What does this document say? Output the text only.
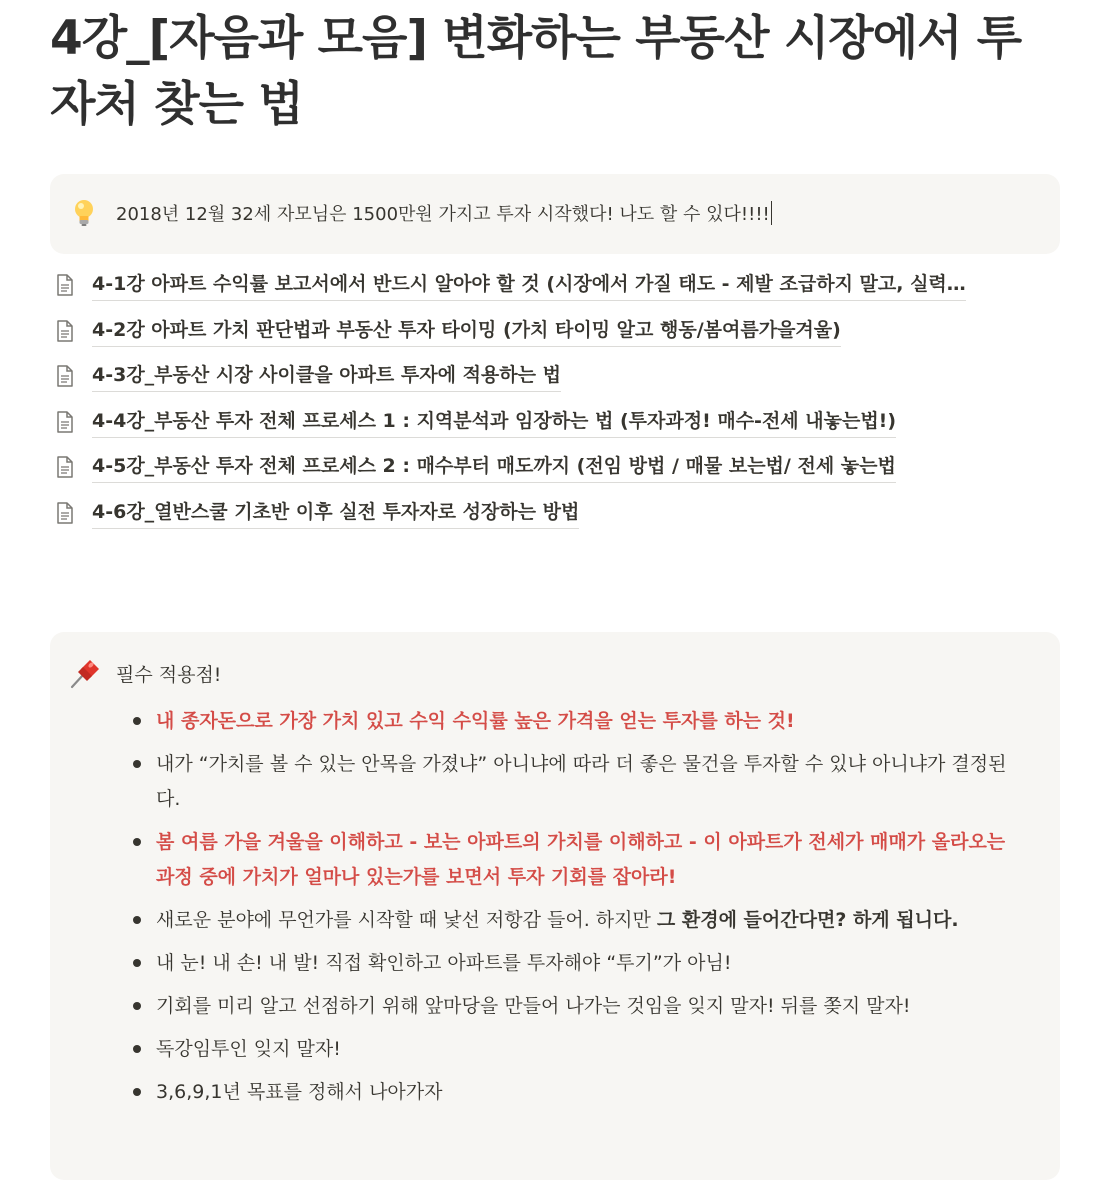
4강_[자음과 모음] 변화하는 부동산 시장에서 투자처 찾는 법
2018년 12월 32세 자모님은 1500만원 가지고 투자 시작했다! 나도 할 수 있다!!!!
4-1강 아파트 수익률 보고서에서 반드시 알아야 할 것 (시장에서 가질 태도 - 제발 조급하지 말고, 실력…
4-2강 아파트 가치 판단법과 부동산 투자 타이밍 (가치 타이밍 알고 행동/봄여름가을겨울)
4-3강_부동산 시장 사이클을 아파트 투자에 적용하는 법
4-4강_부동산 투자 전체 프로세스 1 : 지역분석과 임장하는 법 (투자과정! 매수-전세 내놓는법!)
4-5강_부동산 투자 전체 프로세스 2 : 매수부터 매도까지 (전임 방법 / 매물 보는법/ 전세 놓는법
4-6강_열반스쿨 기초반 이후 실전 투자자로 성장하는 방법
필수 적용점!
내 종자돈으로 가장 가치 있고 수익 수익률 높은 가격을 얻는 투자를 하는 것!
내가 “가치를 볼 수 있는 안목을 가졌냐” 아니냐에 따라 더 좋은 물건을 투자할 수 있냐 아니냐가 결정된다.
봄 여름 가을 겨울을 이해하고 - 보는 아파트의 가치를 이해하고 - 이 아파트가 전세가 매매가 올라오는 과정 중에 가치가 얼마나 있는가를 보면서 투자 기회를 잡아라!
새로운 분야에 무언가를 시작할 때 낯선 저항감 들어. 하지만 그 환경에 들어간다면? 하게 됩니다.
내 눈! 내 손! 내 발! 직접 확인하고 아파트를 투자해야 “투기”가 아님!
기회를 미리 알고 선점하기 위해 앞마당을 만들어 나가는 것임을 잊지 말자! 뒤를 쫒지 말자!
독강임투인 잊지 말자!
3,6,9,1년 목표를 정해서 나아가자
